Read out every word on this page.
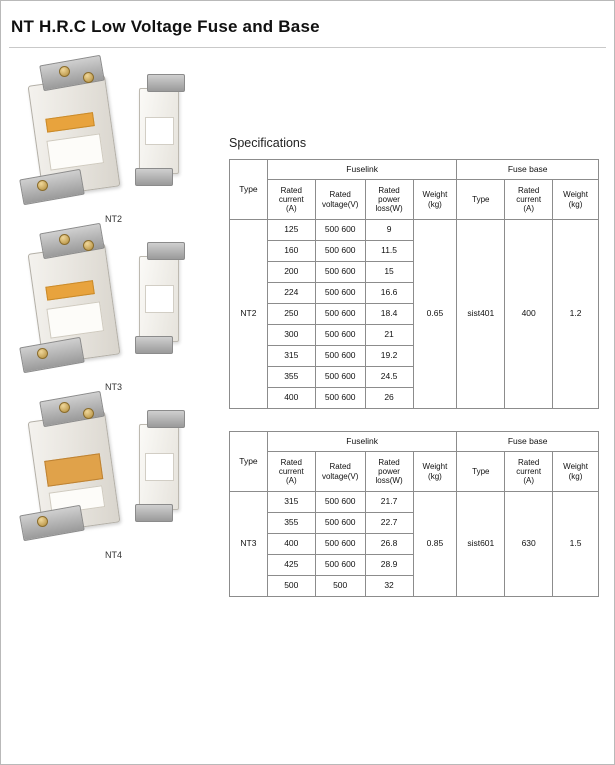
NT H.R.C Low Voltage Fuse and Base
NT2
NT3
NT4
Specifications
Type	Fuselink				Fuse base		
	Rated
current
(A)	Rated
voltage(V)	Rated
power
loss(W)	Weight
(kg)	Type	Rated
current
(A)	Weight
(kg)
NT2	125	500 600	9	0.65	sist401	400	1.2
	160	500 600	11.5				
	200	500 600	15				
	224	500 600	16.6				
	250	500 600	18.4				
	300	500 600	21				
	315	500 600	19.2				
	355	500 600	24.5				
	400	500 600	26				
Type	Fuselink				Fuse base		
	Rated
current
(A)	Rated
voltage(V)	Rated
power
loss(W)	Weight
(kg)	Type	Rated
current
(A)	Weight
(kg)
NT3	315	500 600	21.7	0.85	sist601	630	1.5
	355	500 600	22.7				
	400	500 600	26.8				
	425	500 600	28.9				
	500	500	32				
